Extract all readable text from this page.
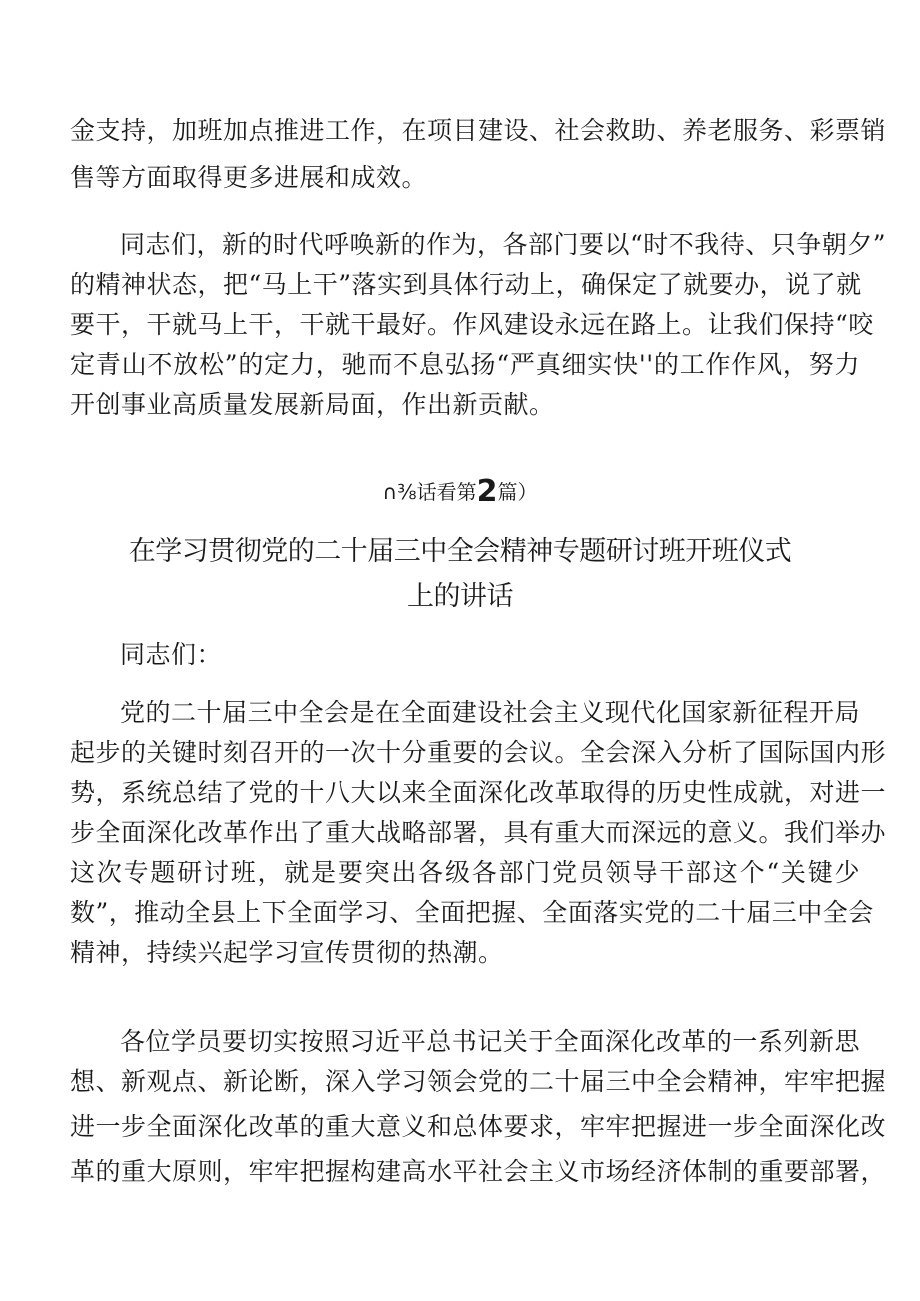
金支持，加班加点推进工作，在项目建设、社会救助、养老服务、彩票销
售等方面取得更多进展和成效。
同志们，新的时代呼唤新的作为，各部门要以“时不我待、只争朝夕”
的精神状态，把“马上干”落实到具体行动上，确保定了就要办，说了就
要干，干就马上干，干就干最好。作风建设永远在路上。让我们保持“咬
定青山不放松”的定力，驰而不息弘扬“严真细实快''的工作作风，努力
开创事业高质量发展新局面，作出新贡献。
∩⅜话看第2篇）
在学习贯彻党的二十届三中全会精神专题研讨班开班仪式
上的讲话
同志们：
党的二十届三中全会是在全面建设社会主义现代化国家新征程开局
起步的关键时刻召开的一次十分重要的会议。全会深入分析了国际国内形
势，系统总结了党的十八大以来全面深化改革取得的历史性成就，对进一
步全面深化改革作出了重大战略部署，具有重大而深远的意义。我们举办
这次专题研讨班，就是要突出各级各部门党员领导干部这个“关键少
数”，推动全县上下全面学习、全面把握、全面落实党的二十届三中全会
精神，持续兴起学习宣传贯彻的热潮。
各位学员要切实按照习近平总书记关于全面深化改革的一系列新思
想、新观点、新论断，深入学习领会党的二十届三中全会精神，牢牢把握
进一步全面深化改革的重大意义和总体要求，牢牢把握进一步全面深化改
革的重大原则，牢牢把握构建高水平社会主义市场经济体制的重要部署，
